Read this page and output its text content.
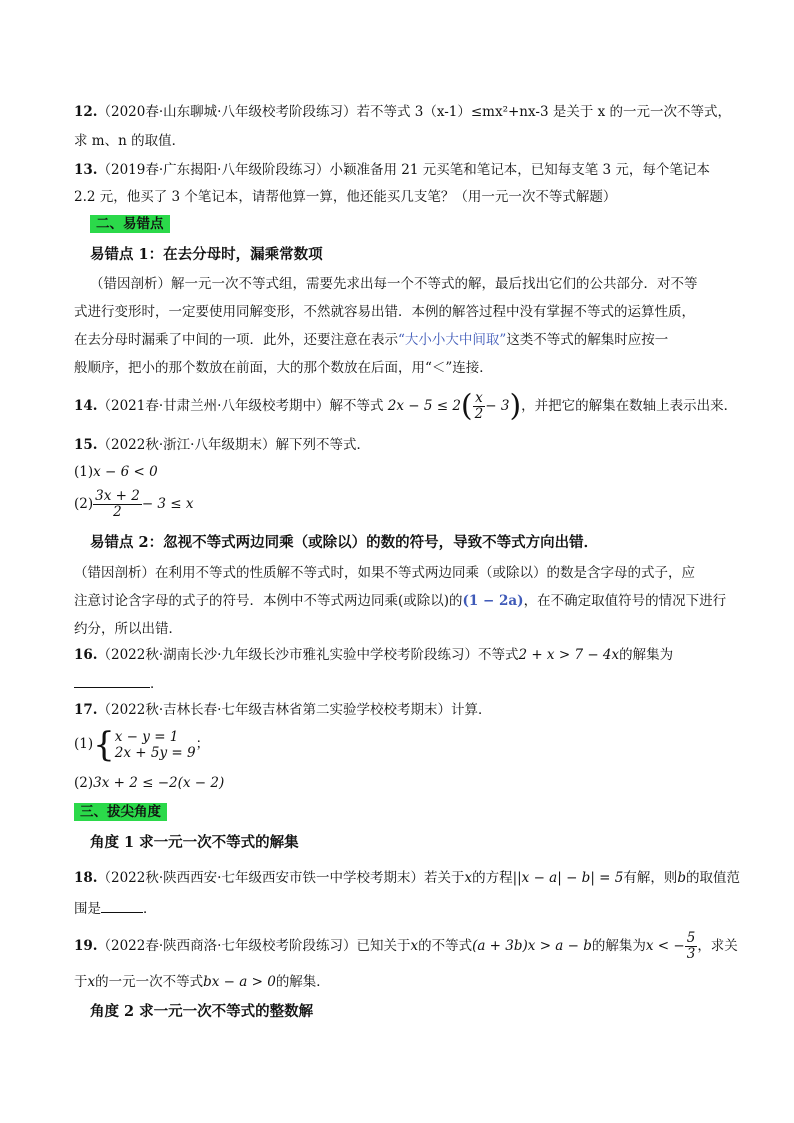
12.（2020春·山东聊城·八年级校考阶段练习）若不等式 3（x-1）≤mx²+nx-3 是关于 x 的一元一次不等式，
求 m、n 的取值．
13.（2019春·广东揭阳·八年级阶段练习）小颖准备用 21 元买笔和笔记本，已知每支笔 3 元，每个笔记本
2.2 元，他买了 3 个笔记本，请帮他算一算，他还能买几支笔？（用一元一次不等式解题）
二、易错点
易错点 1：在去分母时，漏乘常数项
（错因剖析）解一元一次不等式组，需要先求出每一个不等式的解，最后找出它们的公共部分．对不等
式进行变形时，一定要使用同解变形，不然就容易出错．本例的解答过程中没有掌握不等式的运算性质，
在去分母时漏乘了中间的一项．此外，还要注意在表示“大小小大中间取”这类不等式的解集时应按一
般顺序，把小的那个数放在前面，大的那个数放在后面，用“＜”连接．
14.（2021春·甘肃兰州·八年级校考期中）解不等式 $2x - 5 \le 2( \frac{x}{2} - 3)$，并把它的解集在数轴上表示出来．
15.（2022秋·浙江·八年级期末）解下列不等式．
(1)x − 6 < 0
$(2) \frac{3x + 2}{2} - 3 \le x$
易错点 2：忽视不等式两边同乘（或除以）的数的符号，导致不等式方向出错．
（错因剖析）在利用不等式的性质解不等式时，如果不等式两边同乘（或除以）的数是含字母的式子，应
注意讨论含字母的式子的符号．本例中不等式两边同乘(或除以)的(1 − 2a)，在不确定取值符号的情况下进行
约分，所以出错．
16.（2022秋·湖南长沙·九年级长沙市雅礼实验中学校考阶段练习）不等式2 + x > 7 − 4x的解集为
．
17.（2022秋·吉林长春·七年级吉林省第二实验学校校考期末）计算．
(1){ x − y = 1
2x + 5y = 9
；
(2)3x + 2 ≤ −2(x − 2)
三、拔尖角度
角度 1 求一元一次不等式的解集
18.（2022秋·陕西西安·七年级西安市铁一中学校考期末）若关于x的方程||x − a| − b| = 5有解，则b的取值范
围是	．
19.（2022春·陕西商洛·七年级校考阶段练习）已知关于x的不等式(a + 3b)x > a − b的解集为x < − $\frac{5}{3}$ ，求关
于x的一元一次不等式bx − a > 0的解集．
角度 2 求一元一次不等式的整数解
